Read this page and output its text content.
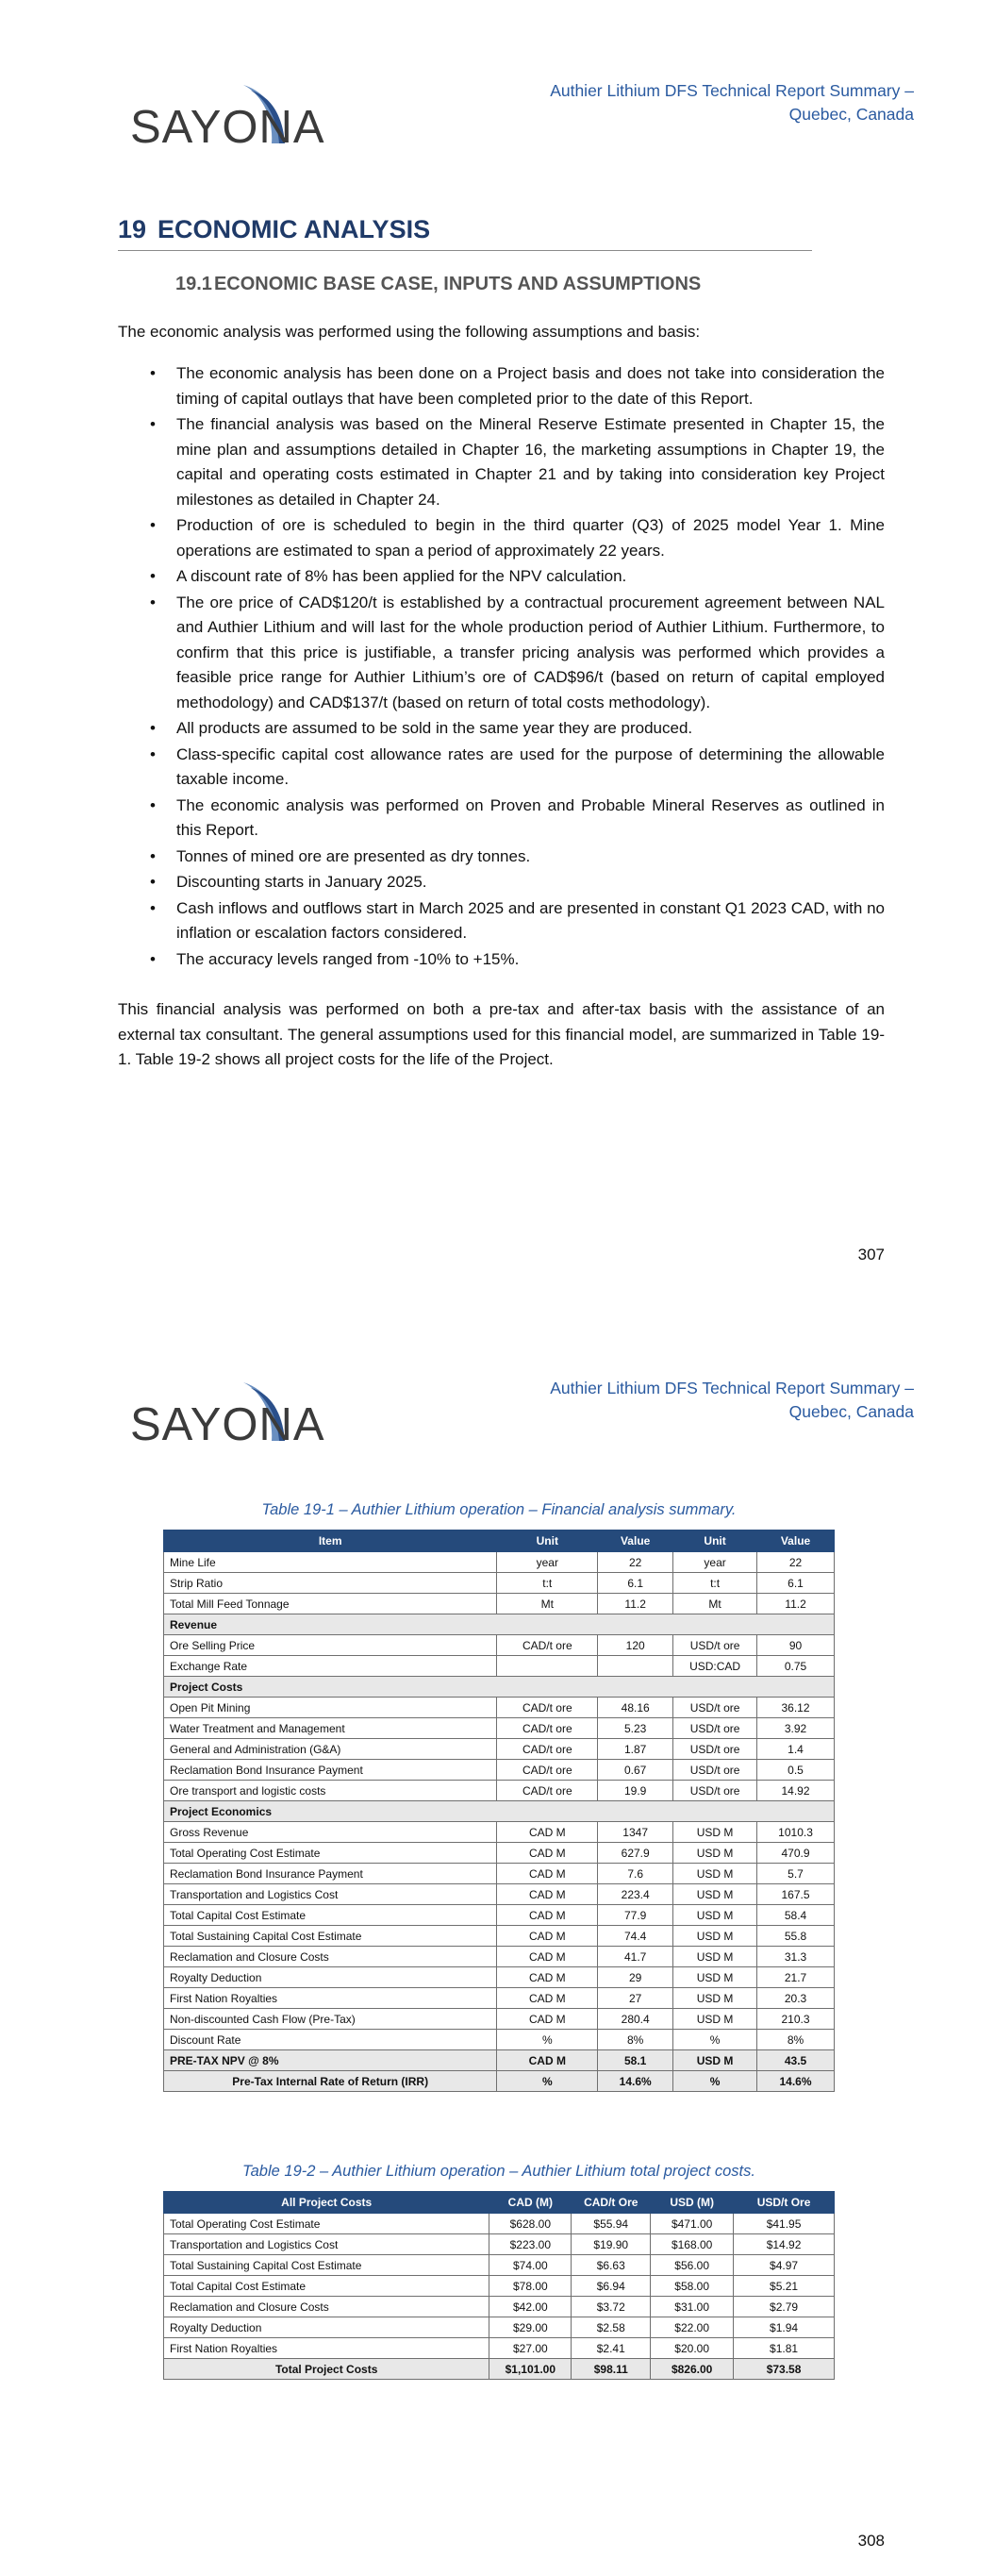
SAYONA
Authier Lithium DFS Technical Report Summary –
Quebec, Canada
19 ECONOMIC ANALYSIS
19.1 ECONOMIC BASE CASE, INPUTS AND ASSUMPTIONS
The economic analysis was performed using the following assumptions and basis:
• The economic analysis has been done on a Project basis and does not take into consideration the timing of capital outlays that have been completed prior to the date of this Report.
• The financial analysis was based on the Mineral Reserve Estimate presented in Chapter 15, the mine plan and assumptions detailed in Chapter 16, the marketing assumptions in Chapter 19, the capital and operating costs estimated in Chapter 21 and by taking into consideration key Project milestones as detailed in Chapter 24.
• Production of ore is scheduled to begin in the third quarter (Q3) of 2025 model Year 1. Mine operations are estimated to span a period of approximately 22 years.
• A discount rate of 8% has been applied for the NPV calculation.
• The ore price of CAD$120/t is established by a contractual procurement agreement between NAL and Authier Lithium and will last for the whole production period of Authier Lithium. Furthermore, to confirm that this price is justifiable, a transfer pricing analysis was performed which provides a feasible price range for Authier Lithium’s ore of CAD$96/t (based on return of capital employed methodology) and CAD$137/t (based on return of total costs methodology).
• All products are assumed to be sold in the same year they are produced.
• Class-specific capital cost allowance rates are used for the purpose of determining the allowable taxable income.
• The economic analysis was performed on Proven and Probable Mineral Reserves as outlined in this Report.
• Tonnes of mined ore are presented as dry tonnes.
• Discounting starts in January 2025.
• Cash inflows and outflows start in March 2025 and are presented in constant Q1 2023 CAD, with no inflation or escalation factors considered.
• The accuracy levels ranged from -10% to +15%.
This financial analysis was performed on both a pre-tax and after-tax basis with the assistance of an external tax consultant. The general assumptions used for this financial model, are summarized in Table 19-1. Table 19-2 shows all project costs for the life of the Project.
307
SAYONA
Authier Lithium DFS Technical Report Summary –
Quebec, Canada
Table 19-1 – Authier Lithium operation – Financial analysis summary.
Item	Unit	Value	Unit	Value
Mine Life	year	22	year	22
Strip Ratio	t:t	6.1	t:t	6.1
Total Mill Feed Tonnage	Mt	11.2	Mt	11.2
Revenue				
Ore Selling Price	CAD/t ore	120	USD/t ore	90
Exchange Rate			USD:CAD	0.75
Project Costs				
Open Pit Mining	CAD/t ore	48.16	USD/t ore	36.12
Water Treatment and Management	CAD/t ore	5.23	USD/t ore	3.92
General and Administration (G&A)	CAD/t ore	1.87	USD/t ore	1.4
Reclamation Bond Insurance Payment	CAD/t ore	0.67	USD/t ore	0.5
Ore transport and logistic costs	CAD/t ore	19.9	USD/t ore	14.92
Project Economics				
Gross Revenue	CAD M	1347	USD M	1010.3
Total Operating Cost Estimate	CAD M	627.9	USD M	470.9
Reclamation Bond Insurance Payment	CAD M	7.6	USD M	5.7
Transportation and Logistics Cost	CAD M	223.4	USD M	167.5
Total Capital Cost Estimate	CAD M	77.9	USD M	58.4
Total Sustaining Capital Cost Estimate	CAD M	74.4	USD M	55.8
Reclamation and Closure Costs	CAD M	41.7	USD M	31.3
Royalty Deduction	CAD M	29	USD M	21.7
First Nation Royalties	CAD M	27	USD M	20.3
Non-discounted Cash Flow (Pre-Tax)	CAD M	280.4	USD M	210.3
Discount Rate	%	8%	%	8%
PRE-TAX NPV @ 8%	CAD M	58.1	USD M	43.5
Pre-Tax Internal Rate of Return (IRR)	%	14.6%	%	14.6%
Table 19-2 – Authier Lithium operation – Authier Lithium total project costs.
All Project Costs	CAD (M)	CAD/t Ore	USD (M)	USD/t Ore
Total Operating Cost Estimate	$628.00	$55.94	$471.00	$41.95
Transportation and Logistics Cost	$223.00	$19.90	$168.00	$14.92
Total Sustaining Capital Cost Estimate	$74.00	$6.63	$56.00	$4.97
Total Capital Cost Estimate	$78.00	$6.94	$58.00	$5.21
Reclamation and Closure Costs	$42.00	$3.72	$31.00	$2.79
Royalty Deduction	$29.00	$2.58	$22.00	$1.94
First Nation Royalties	$27.00	$2.41	$20.00	$1.81
Total Project Costs	$1,101.00	$98.11	$826.00	$73.58
308
